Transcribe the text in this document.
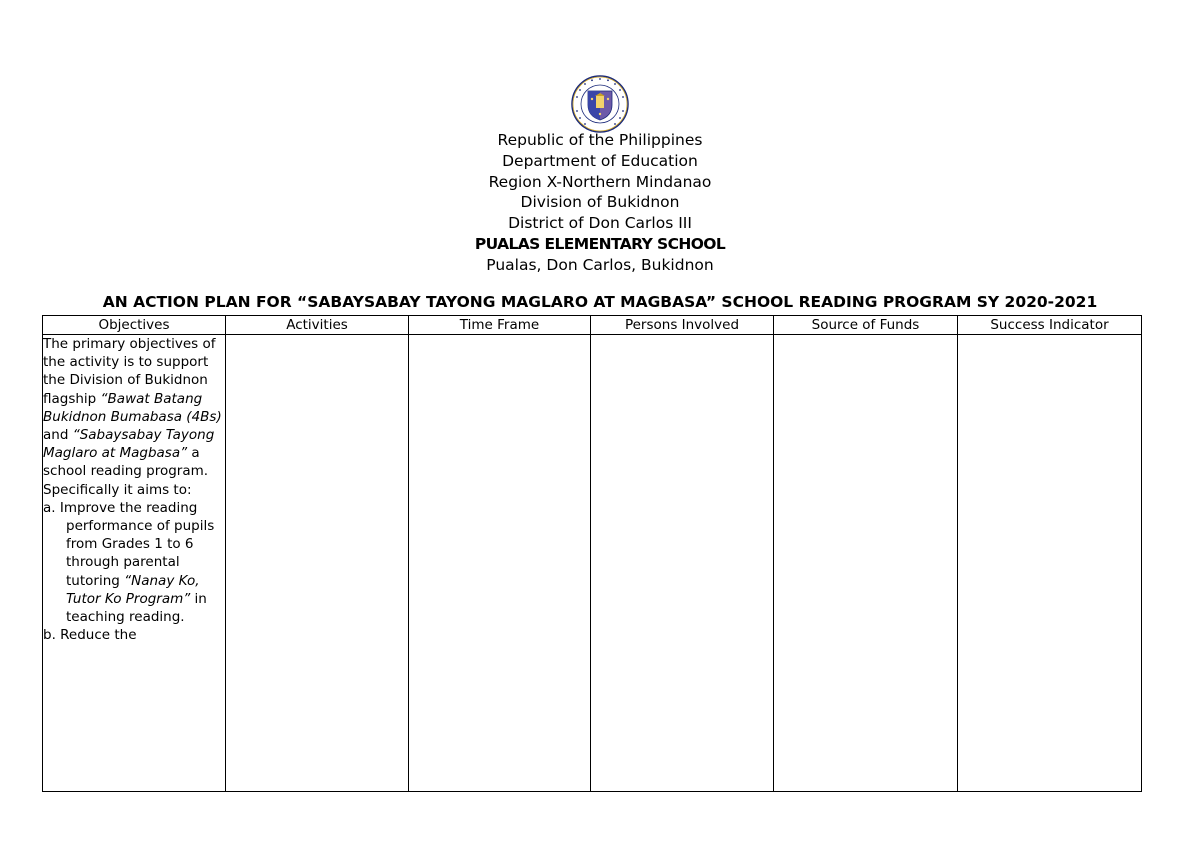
Republic of the Philippines
Department of Education
Region X-Northern Mindanao
Division of Bukidnon
District of Don Carlos III
PUALAS ELEMENTARY SCHOOL
Pualas, Don Carlos, Bukidnon
AN ACTION PLAN FOR “SABAYSABAY TAYONG MAGLARO AT MAGBASA” SCHOOL READING PROGRAM SY 2020-2021
Objectives	Activities	Time Frame	Persons Involved	Source of Funds	Success Indicator

The primary objectives of the activity is to support the Division of Bukidnon flagship “Bawat Batang Bukidnon Bumabasa (4Bs) and “Sabaysabay Tayong Maglaro at Magbasa” a school reading program. Specifically it aims to:

a. Improve the reading performance of pupils from Grades 1 to 6 through parental tutoring “Nanay Ko, Tutor Ko Program” in teaching reading.

b. Reduce the					
